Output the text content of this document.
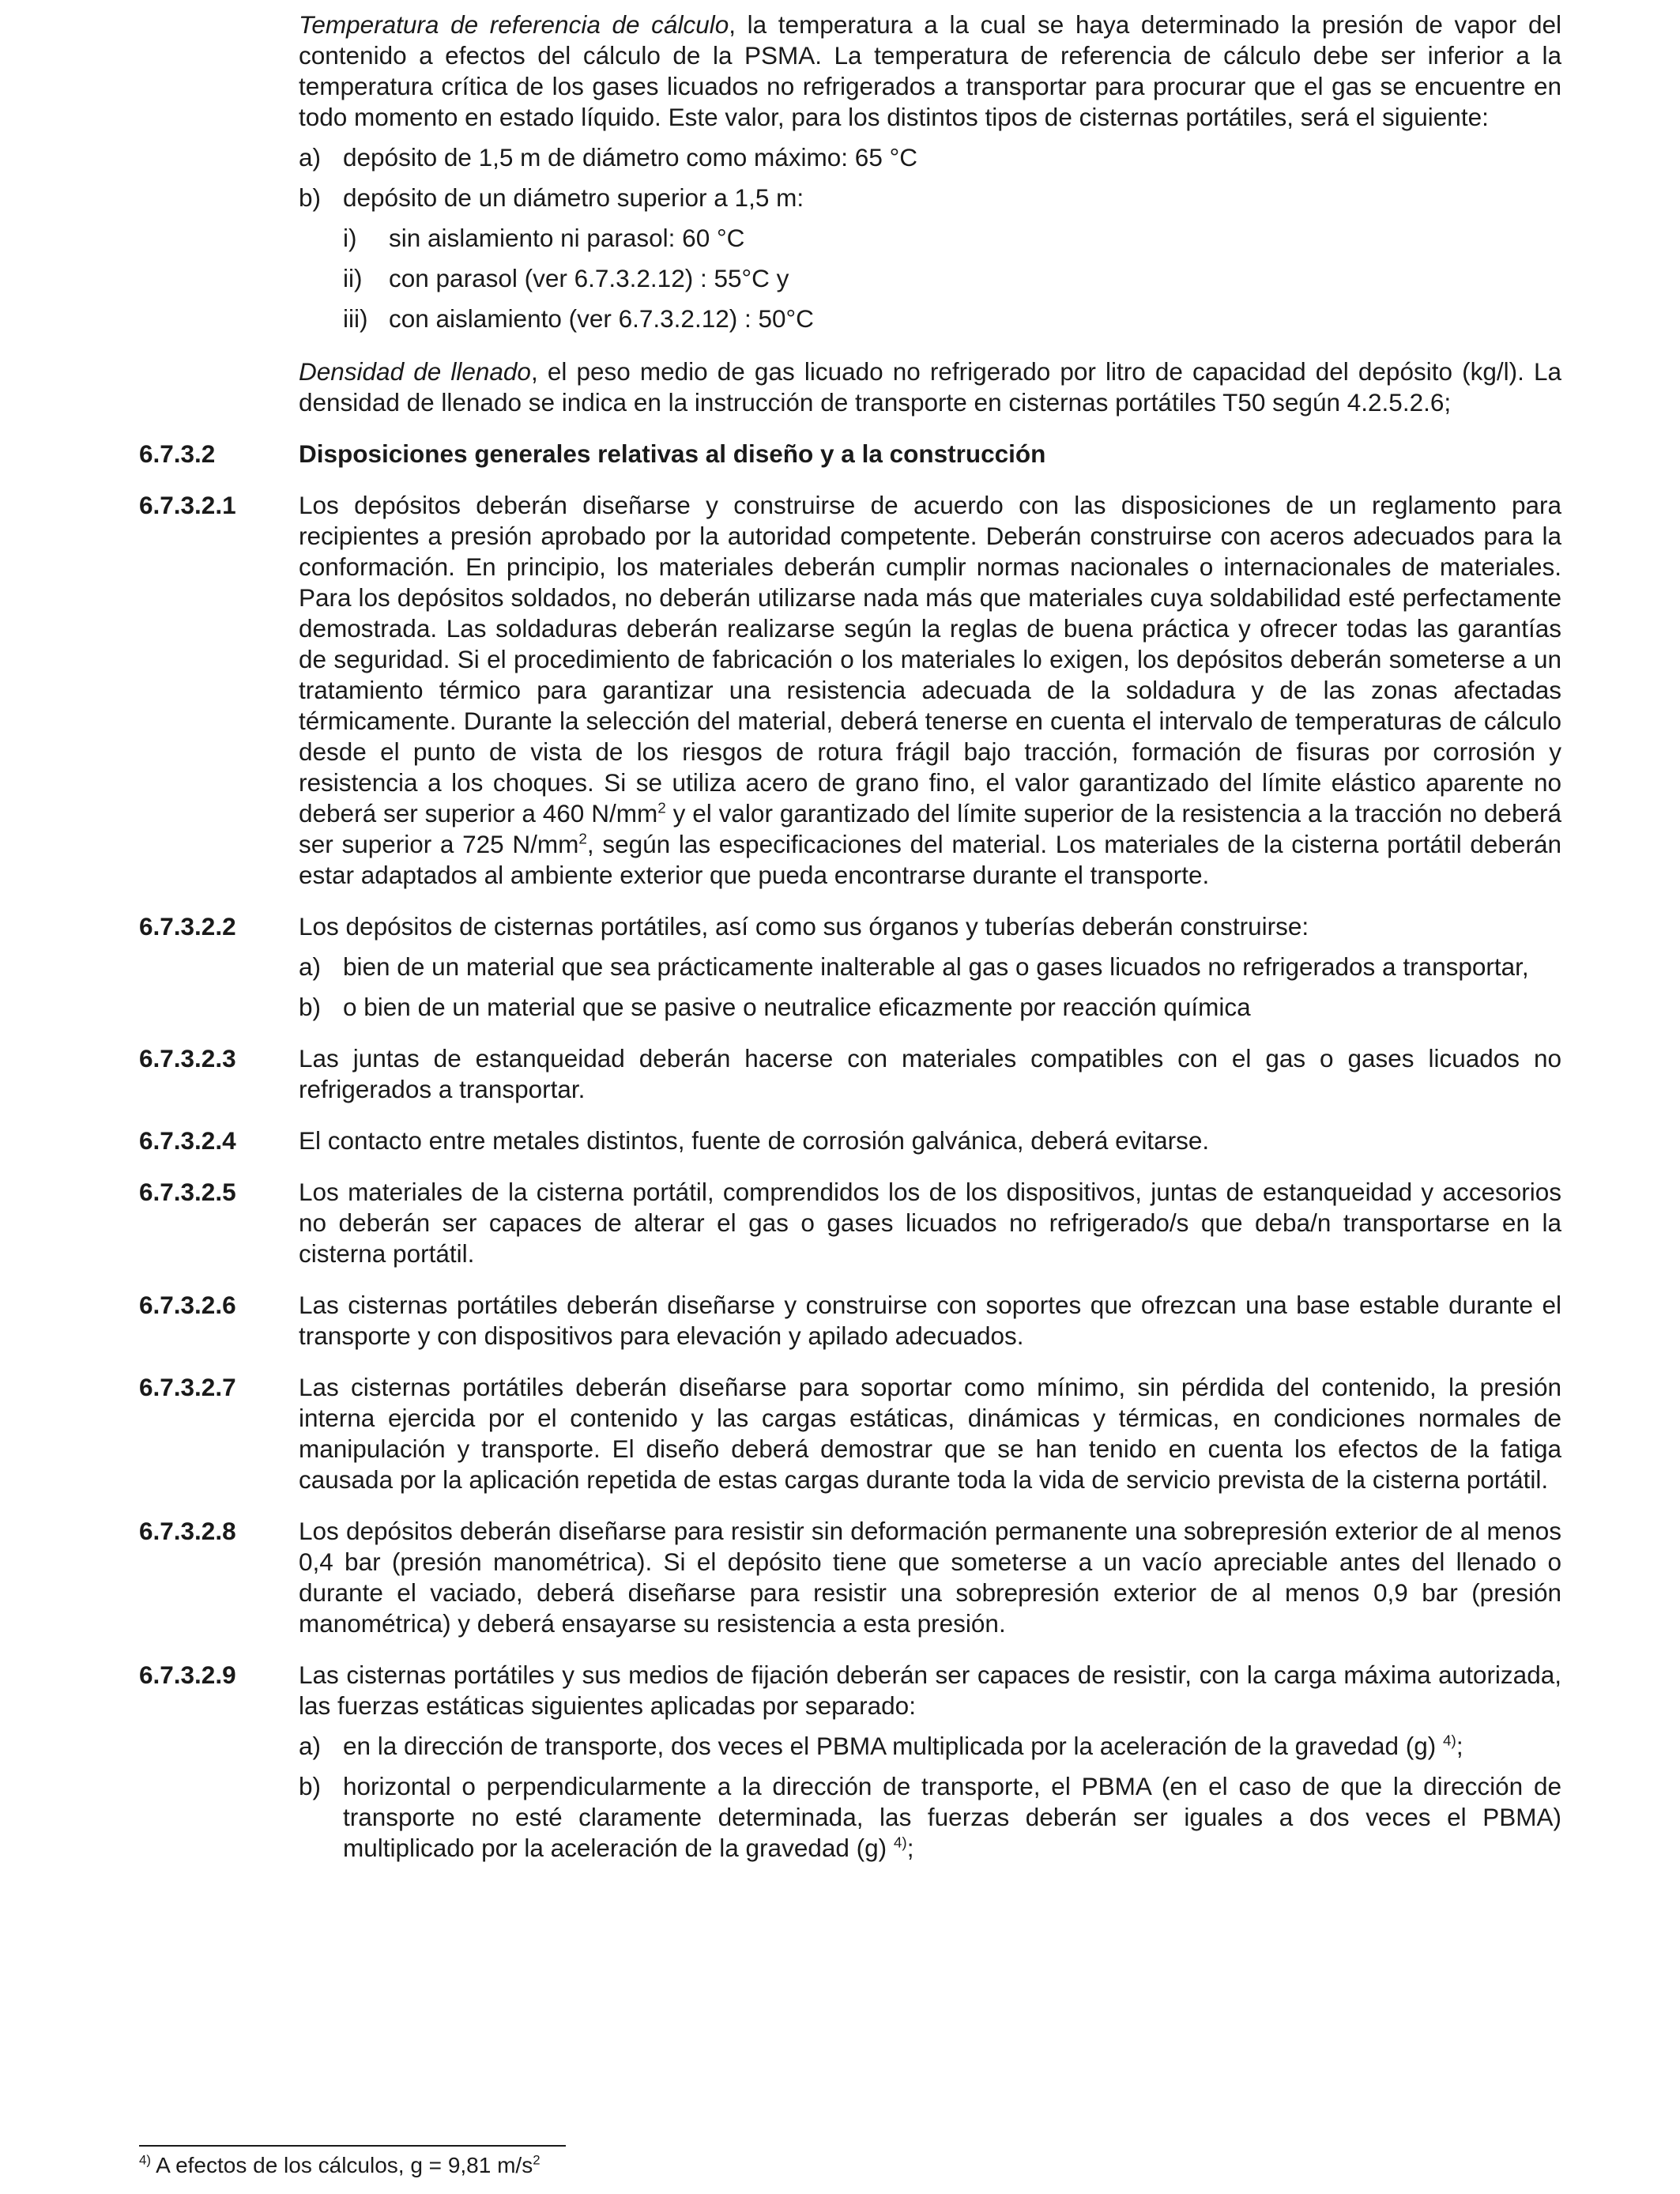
Temperatura de referencia de cálculo, la temperatura a la cual se haya determinado la presión de vapor del contenido a efectos del cálculo de la PSMA. La temperatura de referencia de cálculo debe ser inferior a la temperatura crítica de los gases licuados no refrigerados a transportar para procurar que el gas se encuentre en todo momento en estado líquido. Este valor, para los distintos tipos de cisternas portátiles, será el siguiente:

a) depósito de 1,5 m de diámetro como máximo: 65 °C
b) depósito de un diámetro superior a 1,5 m:
i)	sin aislamiento ni parasol: 60 °C
ii)	con parasol (ver 6.7.3.2.12) : 55°C y
iii) con aislamiento (ver 6.7.3.2.12) : 50°C

Densidad de llenado, el peso medio de gas licuado no refrigerado por litro de capacidad del depósito (kg/l). La densidad de llenado se indica en la instrucción de transporte en cisternas portátiles T50 según 4.2.5.2.6;

6.7.3.2	Disposiciones generales relativas al diseño y a la construcción
6.7.3.2.1	Los depósitos deberán diseñarse y construirse de acuerdo con las disposiciones de un reglamento para recipientes a presión aprobado por la autoridad competente. Deberán construirse con aceros adecuados para la conformación. En principio, los materiales deberán cumplir normas nacionales o internacionales de materiales. Para los depósitos soldados, no deberán utilizarse nada más que materiales cuya soldabilidad esté perfectamente demostrada. Las soldaduras deberán realizarse según la reglas de buena práctica y ofrecer todas las garantías de seguridad. Si el procedimiento de fabricación o los materiales lo exigen, los depósitos deberán someterse a un tratamiento térmico para garantizar una resistencia adecuada de la soldadura y de las zonas afectadas térmicamente. Durante la selección del material, deberá tenerse en cuenta el intervalo de temperaturas de cálculo desde el punto de vista de los riesgos de rotura frágil bajo tracción, formación de fisuras por corrosión y resistencia a los choques. Si se utiliza acero de grano fino, el valor garantizado del límite elástico aparente no deberá ser superior a 460 $N/mm^2$ y el valor garantizado del límite superior de la resistencia a la tracción no deberá ser superior a 725 $N/mm^2$, según las especificaciones del material. Los materiales de la cisterna portátil deberán estar adaptados al ambiente exterior que pueda encontrarse durante el transporte.

6.7.3.2.2	Los depósitos de cisternas portátiles, así como sus órganos y tuberías deberán construirse:

a) bien de un material que sea prácticamente inalterable al gas o gases licuados no refrigerados a transportar,
b) o bien de un material que se pasive o neutralice eficazmente por reacción química
6.7.3.2.3	Las juntas de estanqueidad deberán hacerse con materiales compatibles con el gas o gases licuados no refrigerados a transportar.

6.7.3.2.4	El contacto entre metales distintos, fuente de corrosión galvánica, deberá evitarse.

6.7.3.2.5	Los materiales de la cisterna portátil, comprendidos los de los dispositivos, juntas de estanqueidad y accesorios no deberán ser capaces de alterar el gas o gases licuados no refrigerado/s que deba/n transportarse en la cisterna portátil.

6.7.3.2.6	Las cisternas portátiles deberán diseñarse y construirse con soportes que ofrezcan una base estable durante el transporte y con dispositivos para elevación y apilado adecuados.

6.7.3.2.7	Las cisternas portátiles deberán diseñarse para soportar como mínimo, sin pérdida del contenido, la presión interna ejercida por el contenido y las cargas estáticas, dinámicas y térmicas, en condiciones normales de manipulación y transporte. El diseño deberá demostrar que se han tenido en cuenta los efectos de la fatiga causada por la aplicación repetida de estas cargas durante toda la vida de servicio prevista de la cisterna portátil.

6.7.3.2.8	Los depósitos deberán diseñarse para resistir sin deformación permanente una sobrepresión exterior de al menos 0,4 bar (presión manométrica). Si el depósito tiene que someterse a un vacío apreciable antes del llenado o durante el vaciado, deberá diseñarse para resistir una sobrepresión exterior de al menos 0,9 bar (presión manométrica) y deberá ensayarse su resistencia a esta presión.

6.7.3.2.9	Las cisternas portátiles y sus medios de fijación deberán ser capaces de resistir, con la carga máxima autorizada, las fuerzas estáticas siguientes aplicadas por separado:

a) en la dirección de transporte, dos veces el PBMA multiplicada por la aceleración de la gravedad (g) $^{4)}$;
b) horizontal o perpendicularmente a la dirección de transporte, el PBMA (en el caso de que la dirección de transporte no esté claramente determinada, las fuerzas deberán ser iguales a dos veces el PBMA) multiplicado por la aceleración de la gravedad (g) $^{4)}$;
$^{4)}$ A efectos de los cálculos, g = 9,81 $m/s^2$
